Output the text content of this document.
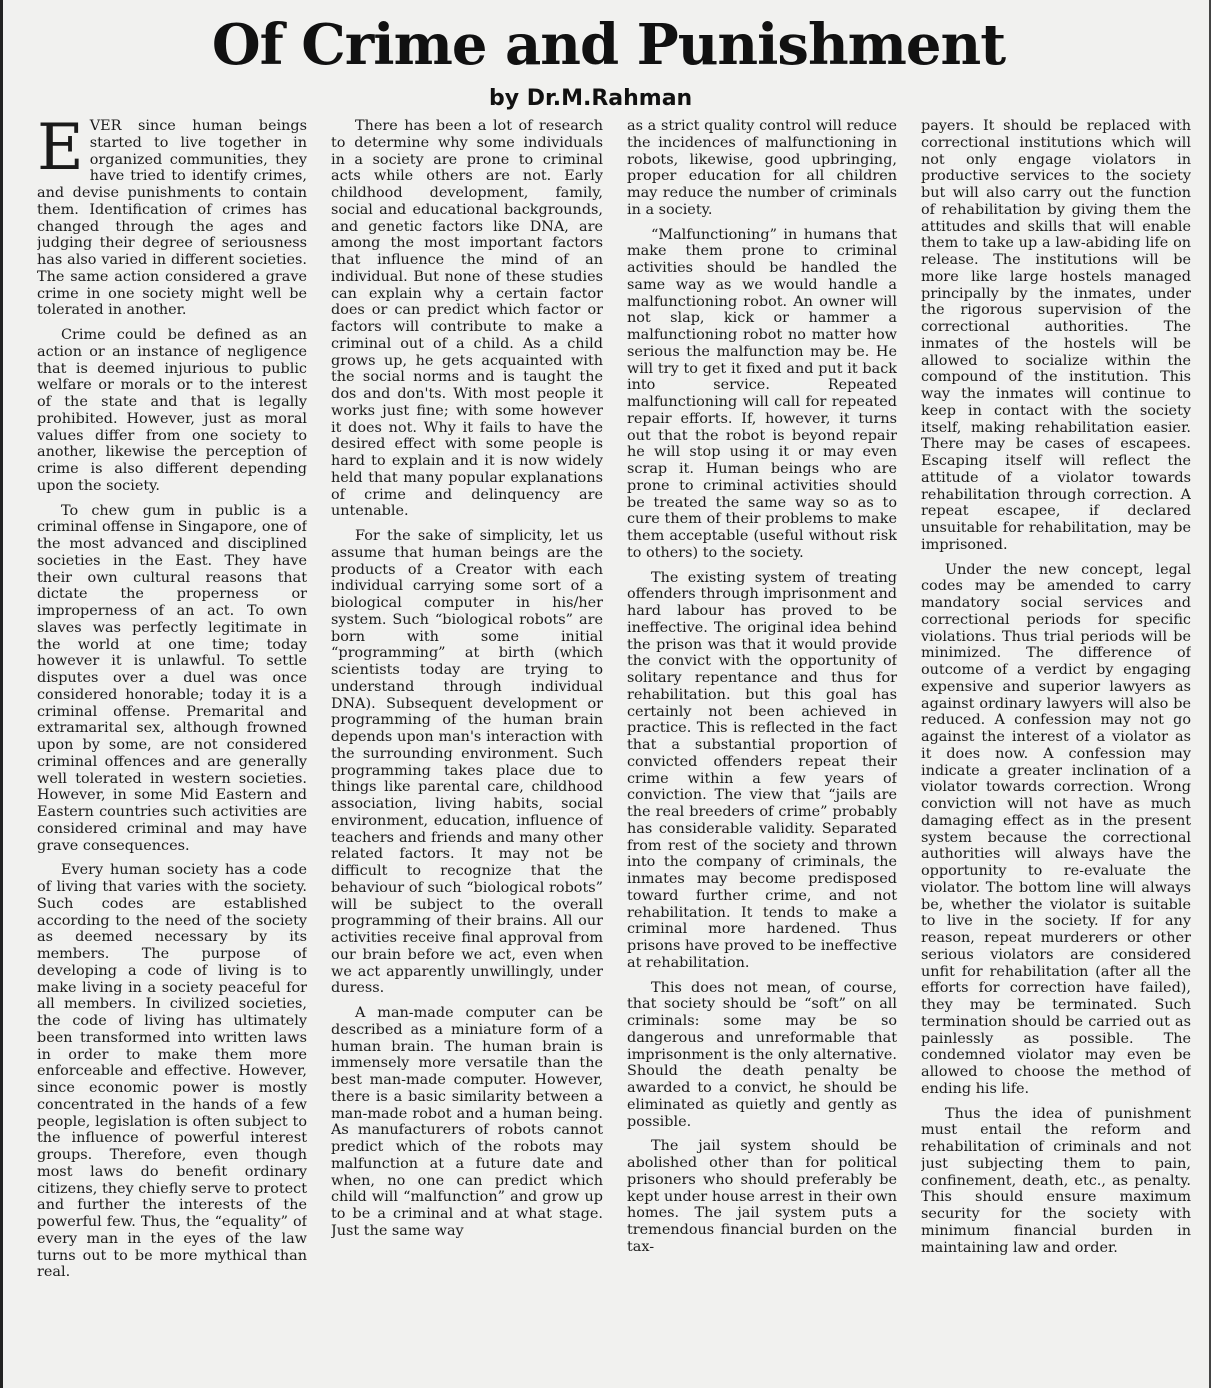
Of Crime and Punishment
by Dr.M.Rahman

EVER since human beings started to live together in organized communities, they have tried to identify crimes, and devise punishments to contain them. Identification of crimes has changed through the ages and judging their degree of seriousness has also varied in different societies. The same action considered a grave crime in one society might well be tolerated in another.

Crime could be defined as an action or an instance of negligence that is deemed injurious to public welfare or morals or to the interest of the state and that is legally prohibited. However, just as moral values differ from one society to another, likewise the perception of crime is also different depending upon the society.

To chew gum in public is a criminal offense in Singapore, one of the most advanced and disciplined societies in the East. They have their own cultural reasons that dictate the properness or improperness of an act. To own slaves was perfectly legitimate in the world at one time; today however it is unlawful. To settle disputes over a duel was once considered honorable; today it is a criminal offense. Premarital and extramarital sex, although frowned upon by some, are not considered criminal offences and are generally well tolerated in western societies. However, in some Mid Eastern and Eastern countries such activities are considered criminal and may have grave consequences.

Every human society has a code of living that varies with the society. Such codes are established according to the need of the society as deemed necessary by its members. The purpose of developing a code of living is to make living in a society peaceful for all members. In civilized societies, the code of living has ultimately been transformed into written laws in order to make them more enforceable and effective. However, since economic power is mostly concentrated in the hands of a few people, legislation is often subject to the influence of powerful interest groups. Therefore, even though most laws do benefit ordinary citizens, they chiefly serve to protect and further the interests of the powerful few. Thus, the “equality” of every man in the eyes of the law turns out to be more mythical than real.

There has been a lot of research to determine why some individuals in a society are prone to criminal acts while others are not. Early childhood development, family, social and educational backgrounds, and genetic factors like DNA, are among the most important factors that influence the mind of an individual. But none of these studies can explain why a certain factor does or can predict which factor or factors will contribute to make a criminal out of a child. As a child grows up, he gets acquainted with the social norms and is taught the dos and don'ts. With most people it works just fine; with some however it does not. Why it fails to have the desired effect with some people is hard to explain and it is now widely held that many popular explanations of crime and delinquency are untenable.

For the sake of simplicity, let us assume that human beings are the products of a Creator with each individual carrying some sort of a biological computer in his/her system. Such “biological robots” are born with some initial “programming” at birth (which scientists today are trying to understand through individual DNA). Subsequent development or programming of the human brain depends upon man's interaction with the surrounding environment. Such programming takes place due to things like parental care, childhood association, living habits, social environment, education, influence of teachers and friends and many other related factors. It may not be difficult to recognize that the behaviour of such “biological robots” will be subject to the overall programming of their brains. All our activities receive final approval from our brain before we act, even when we act apparently unwillingly, under duress.

A man-made computer can be described as a miniature form of a human brain. The human brain is immensely more versatile than the best man-made computer. However, there is a basic similarity between a man-made robot and a human being. As manufacturers of robots cannot predict which of the robots may malfunction at a future date and when, no one can predict which child will “malfunction” and grow up to be a criminal and at what stage. Just the same way

as a strict quality control will reduce the incidences of malfunctioning in robots, likewise, good upbringing, proper education for all children may reduce the number of criminals in a society.

“Malfunctioning” in humans that make them prone to criminal activities should be handled the same way as we would handle a malfunctioning robot. An owner will not slap, kick or hammer a malfunctioning robot no matter how serious the malfunction may be. He will try to get it fixed and put it back into service. Repeated malfunctioning will call for repeated repair efforts. If, however, it turns out that the robot is beyond repair he will stop using it or may even scrap it. Human beings who are prone to criminal activities should be treated the same way so as to cure them of their problems to make them acceptable (useful without risk to others) to the society.

The existing system of treating offenders through imprisonment and hard labour has proved to be ineffective. The original idea behind the prison was that it would provide the convict with the opportunity of solitary repentance and thus for rehabilitation. but this goal has certainly not been achieved in practice. This is reflected in the fact that a substantial proportion of convicted offenders repeat their crime within a few years of conviction. The view that “jails are the real breeders of crime” probably has considerable validity. Separated from rest of the society and thrown into the company of criminals, the inmates may become predisposed toward further crime, and not rehabilitation. It tends to make a criminal more hardened. Thus prisons have proved to be ineffective at rehabilitation.

This does not mean, of course, that society should be “soft” on all criminals: some may be so dangerous and unreformable that imprisonment is the only alternative. Should the death penalty be awarded to a convict, he should be eliminated as quietly and gently as possible.

The jail system should be abolished other than for political prisoners who should preferably be kept under house arrest in their own homes. The jail system puts a tremendous financial burden on the tax-

payers. It should be replaced with correctional institutions which will not only engage violators in productive services to the society but will also carry out the function of rehabilitation by giving them the attitudes and skills that will enable them to take up a law-abiding life on release. The institutions will be more like large hostels managed principally by the inmates, under the rigorous supervision of the correctional authorities. The inmates of the hostels will be allowed to socialize within the compound of the institution. This way the inmates will continue to keep in contact with the society itself, making rehabilitation easier. There may be cases of escapees. Escaping itself will reflect the attitude of a violator towards rehabilitation through correction. A repeat escapee, if declared unsuitable for rehabilitation, may be imprisoned.

Under the new concept, legal codes may be amended to carry mandatory social services and correctional periods for specific violations. Thus trial periods will be minimized. The difference of outcome of a verdict by engaging expensive and superior lawyers as against ordinary lawyers will also be reduced. A confession may not go against the interest of a violator as it does now. A confession may indicate a greater inclination of a violator towards correction. Wrong conviction will not have as much damaging effect as in the present system because the correctional authorities will always have the opportunity to re-evaluate the violator. The bottom line will always be, whether the violator is suitable to live in the society. If for any reason, repeat murderers or other serious violators are considered unfit for rehabilitation (after all the efforts for correction have failed), they may be terminated. Such termination should be carried out as painlessly as possible. The condemned violator may even be allowed to choose the method of ending his life.

Thus the idea of punishment must entail the reform and rehabilitation of criminals and not just subjecting them to pain, confinement, death, etc., as penalty. This should ensure maximum security for the society with minimum financial burden in maintaining law and order.
